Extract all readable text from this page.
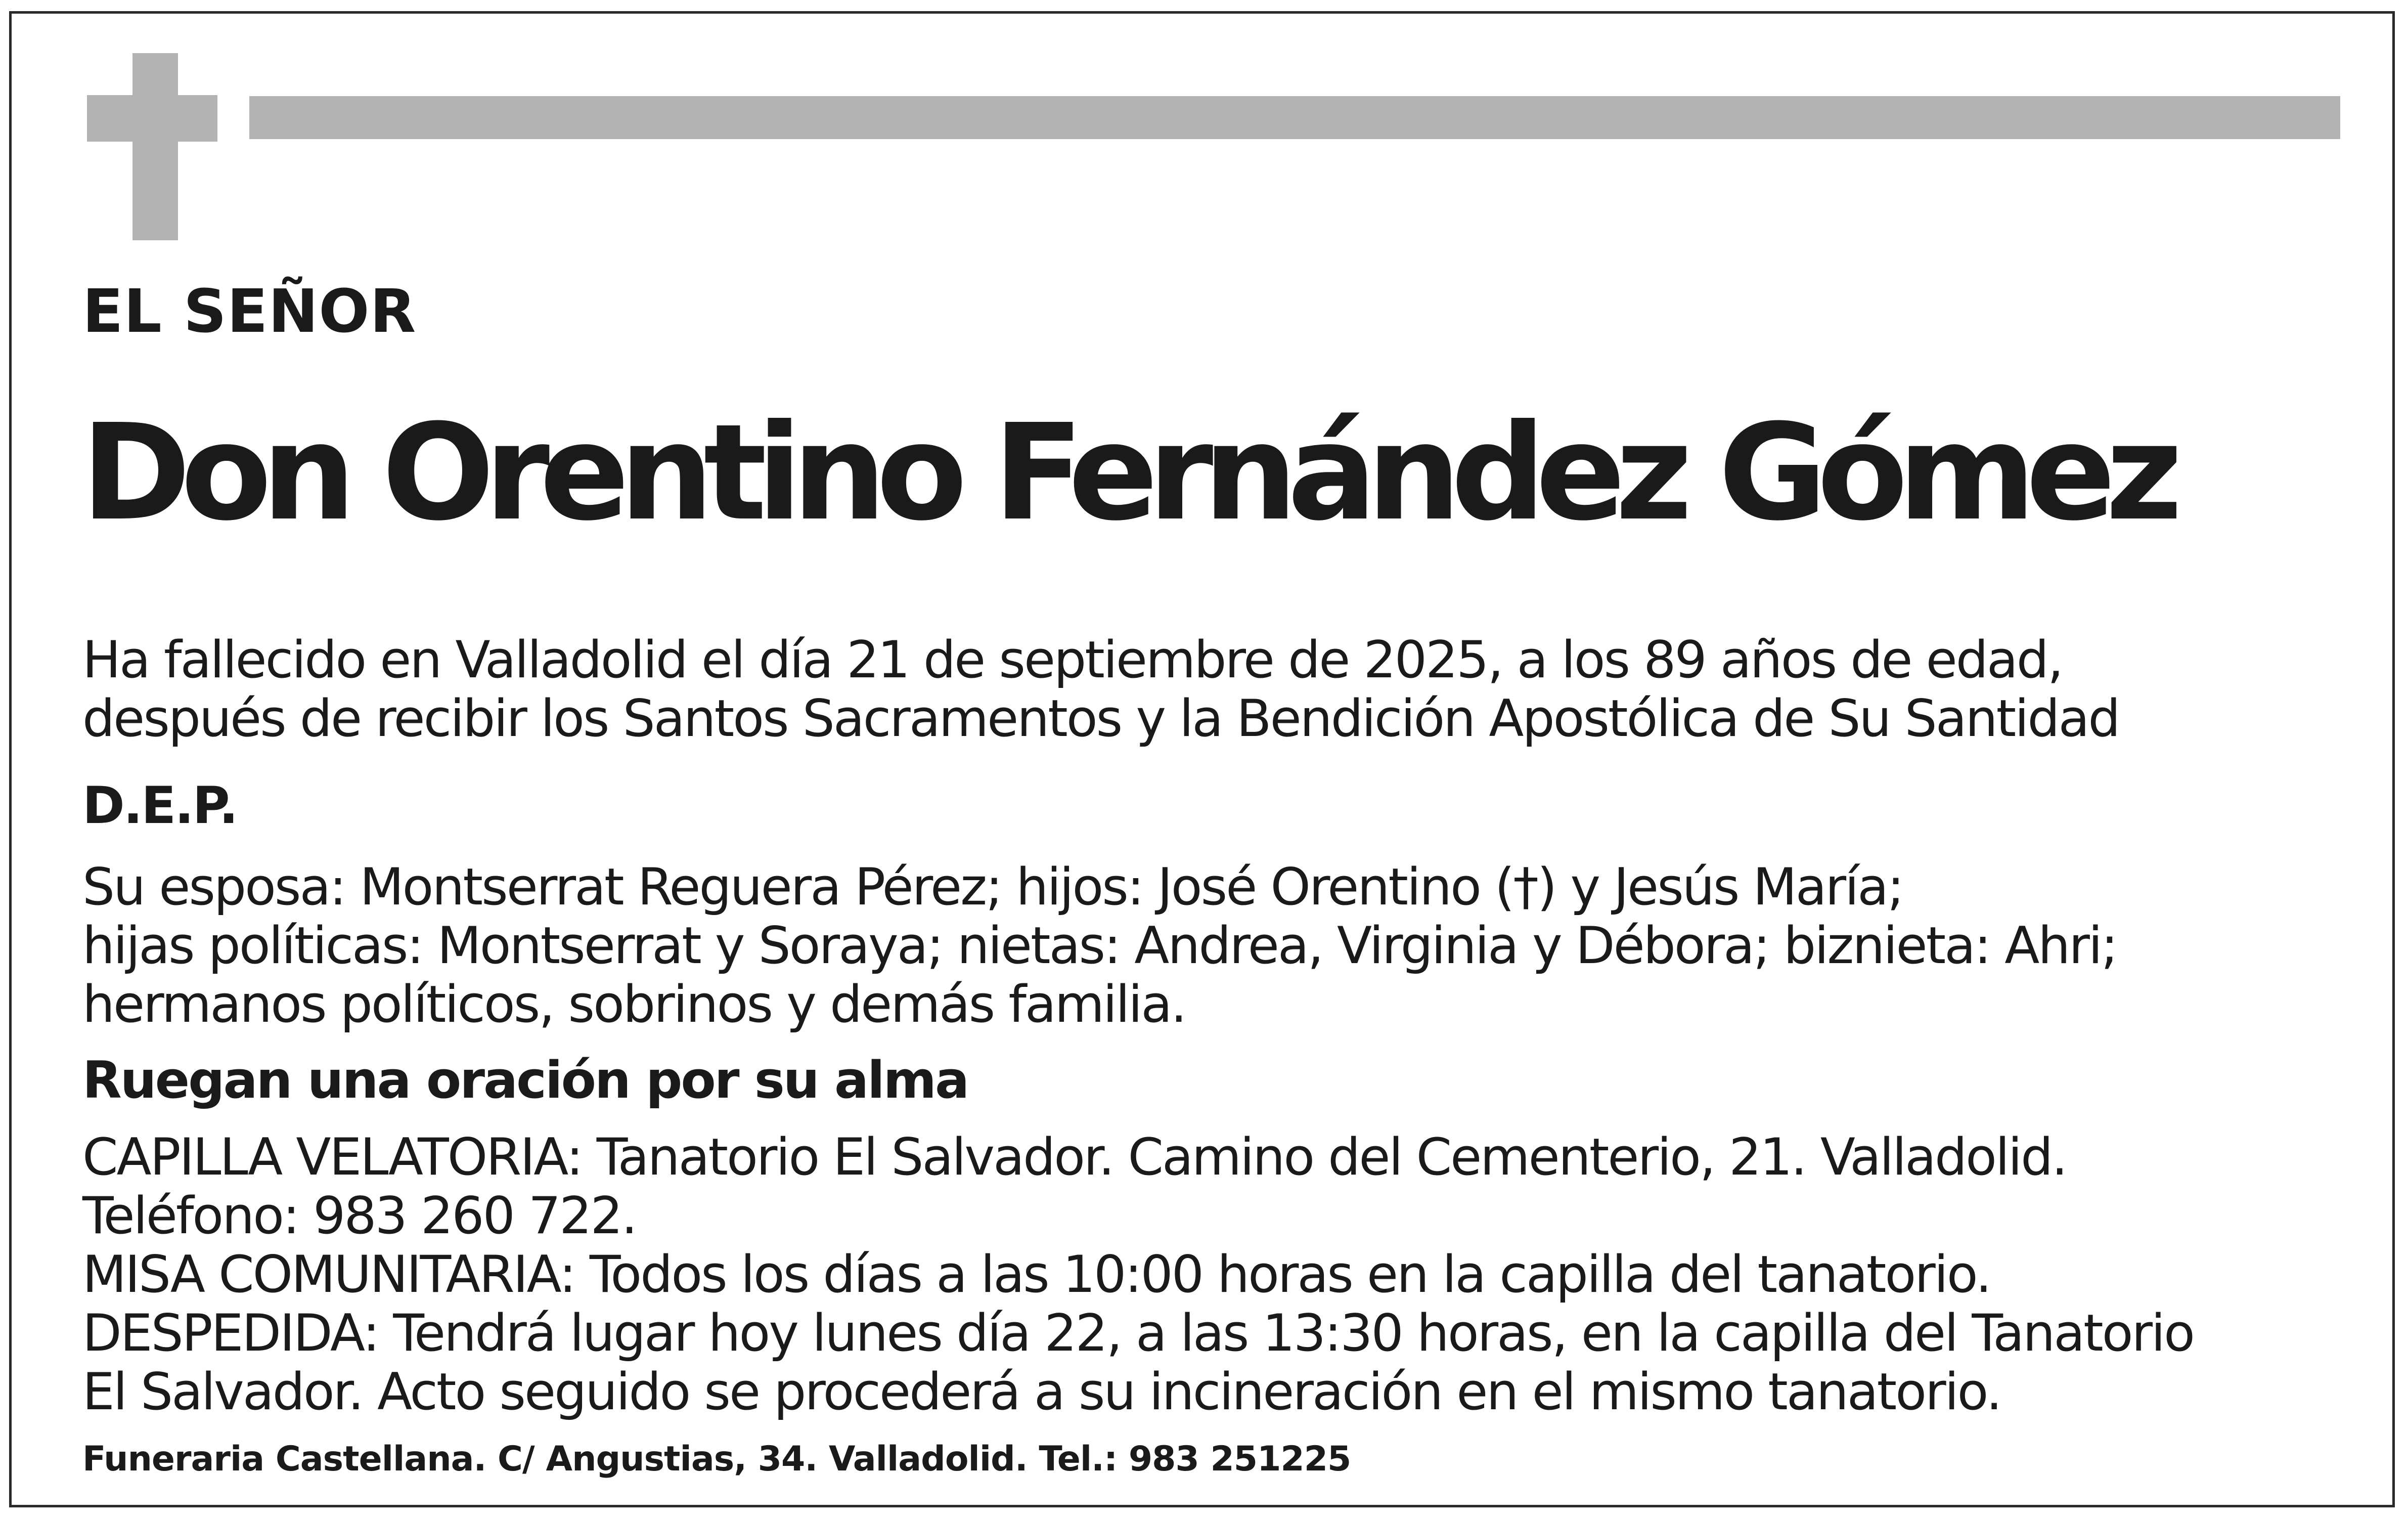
EL SEÑOR

Don Orentino Fernández Gómez

Ha fallecido en Valladolid el día 21 de septiembre de 2025, a los 89 años de edad,

después de recibir los Santos Sacramentos y la Bendición Apostólica de Su Santidad

D.E.P.

Su esposa: Montserrat Reguera Pérez; hijos: José Orentino (†) y Jesús María;

hijas políticas: Montserrat y Soraya; nietas: Andrea, Virginia y Débora; biznieta: Ahri;

hermanos políticos, sobrinos y demás familia.

Ruegan una oración por su alma

CAPILLA VELATORIA: Tanatorio El Salvador. Camino del Cementerio, 21. Valladolid.

Teléfono: 983 260 722.

MISA COMUNITARIA: Todos los días a las 10:00 horas en la capilla del tanatorio.

DESPEDIDA: Tendrá lugar hoy lunes día 22, a las 13:30 horas, en la capilla del Tanatorio

El Salvador. Acto seguido se procederá a su incineración en el mismo tanatorio.

Funeraria Castellana. C/ Angustias, 34. Valladolid. Tel.: 983 251225
